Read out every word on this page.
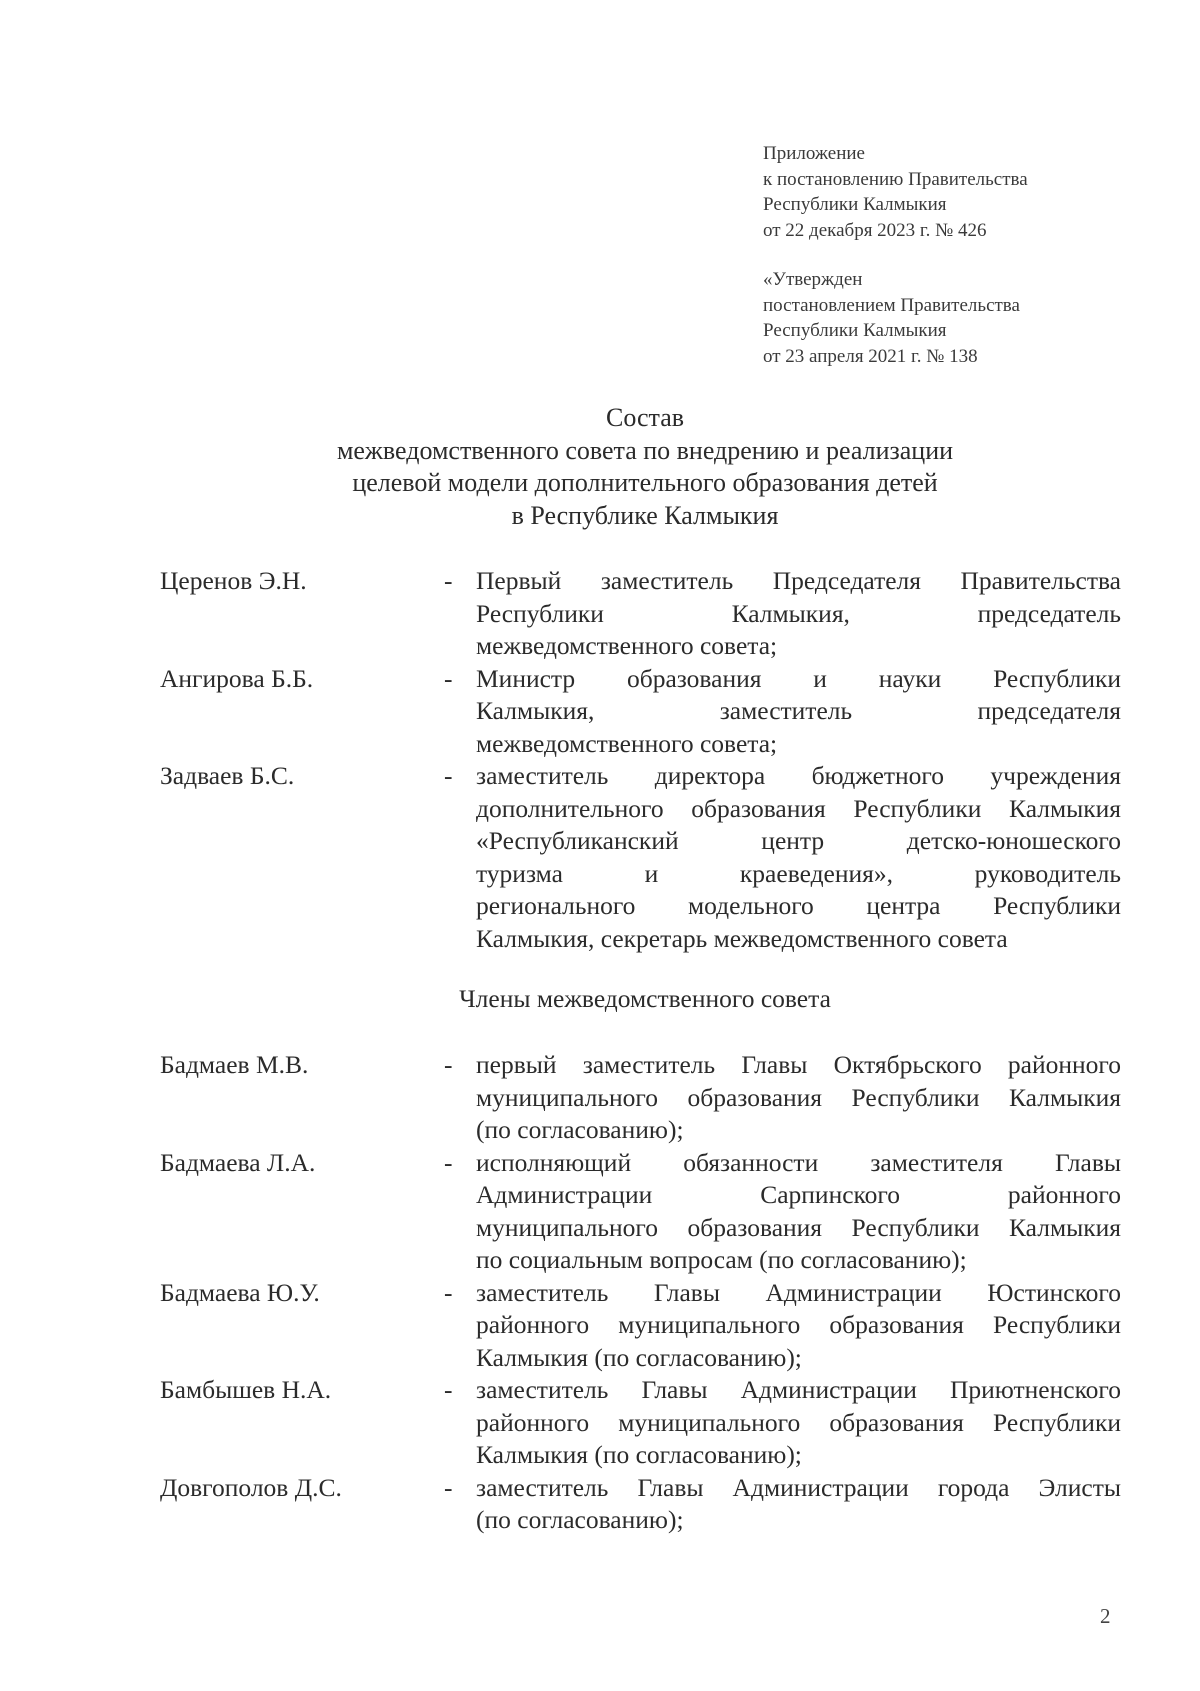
Приложение
к постановлению Правительства
Республики Калмыкия
от 22 декабря 2023 г. № 426
«Утвержден
постановлением Правительства
Республики Калмыкия
от 23 апреля 2021 г. № 138
Состав
межведомственного совета по внедрению и реализации
целевой модели дополнительного образования детей
в Республике Калмыкия
Церенов Э.Н.	- Первый заместитель Председателя Правительства
Республики Калмыкия, председатель
межведомственного совета;
Ангирова Б.Б.	- Министр образования и науки Республики
Калмыкия, заместитель председателя
межведомственного совета;
Задваев Б.С.	- заместитель директора бюджетного учреждения
дополнительного образования Республики Калмыкия
«Республиканский центр детско-юношеского
туризма и краеведения», руководитель
регионального модельного центра Республики
Калмыкия, секретарь межведомственного совета
Члены межведомственного совета
Бадмаев М.В.	- первый заместитель Главы Октябрьского районного
муниципального образования Республики Калмыкия
(по согласованию);
Бадмаева Л.А.	- исполняющий обязанности заместителя Главы
Администрации Сарпинского районного
муниципального образования Республики Калмыкия
по социальным вопросам (по согласованию);
Бадмаева Ю.У.	- заместитель Главы Администрации Юстинского
районного муниципального образования Республики
Калмыкия (по согласованию);
Бамбышев Н.А.	- заместитель Главы Администрации Приютненского
районного муниципального образования Республики
Калмыкия (по согласованию);
Довгополов Д.С.	- заместитель Главы Администрации города Элисты
(по согласованию);
2
